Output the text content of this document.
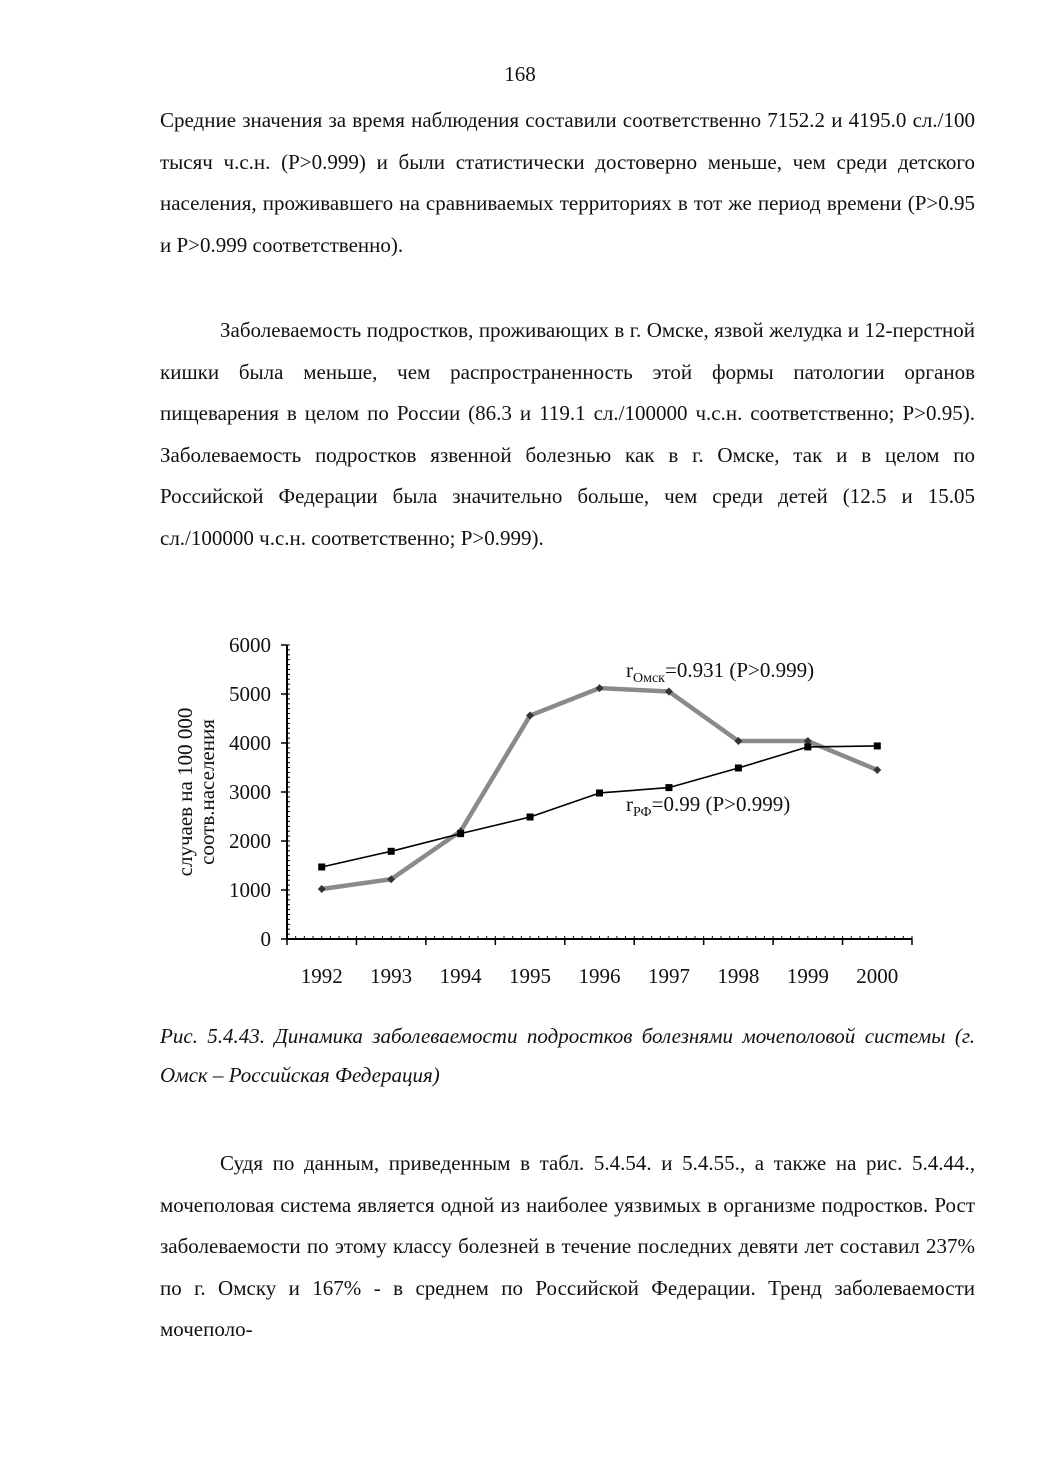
168

Средние значения за время наблюдения составили соответственно 7152.2 и 4195.0 сл./100 тысяч ч.с.н. (P>0.999) и были статистически достоверно меньше, чем среди детского населения, проживавшего на сравниваемых территориях в тот же период времени (P>0.95 и P>0.999 соответственно).

Заболеваемость подростков, проживающих в г. Омске, язвой желудка и 12-перстной кишки была меньше, чем распространенность этой формы патологии органов пищеварения в целом по России (86.3 и 119.1 сл./100000 ч.с.н. соответственно; P>0.95). Заболеваемость подростков язвенной болезнью как в г. Омске, так и в целом по Российской Федерации была значительно больше, чем среди детей (12.5 и 15.05 сл./100000 ч.с.н. соответственно; P>0.999).

0
1000
2000
3000
4000
5000
6000
1992 1993 1994 1995 1996 1997 1998 1999 2000
случаев на 100 000
соотв.населения
$r_{Омск}=0.931$ (P>0.999)
$r_{РФ}=0.99$ (P>0.999)

Рис. 5.4.43. Динамика заболеваемости подростков болезнями мочеполовой системы (г. Омск – Российская Федерация)

Судя по данным, приведенным в табл. 5.4.54. и 5.4.55., а также на рис. 5.4.44., мочеполовая система является одной из наиболее уязвимых в организме подростков. Рост заболеваемости по этому классу болезней в течение последних девяти лет составил 237% по г. Омску и 167% - в среднем по Российской Федерации. Тренд заболеваемости мочеполо-
